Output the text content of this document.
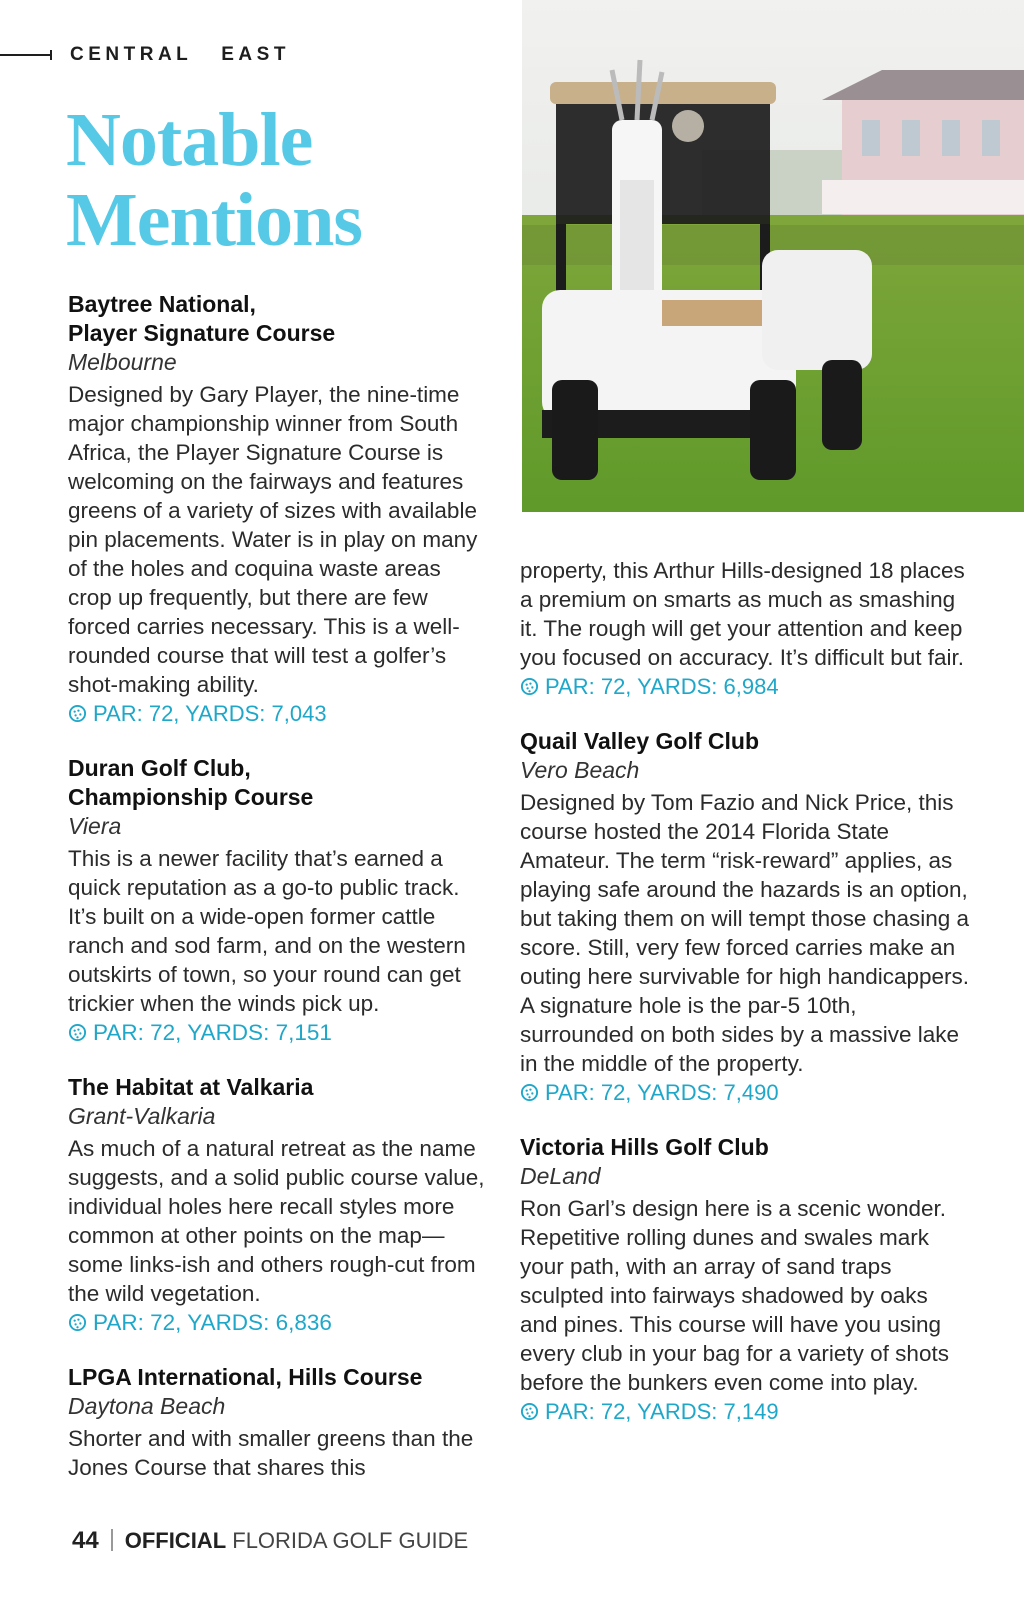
CENTRAL   EAST
Notable
Mentions
Baytree National,
Player Signature Course
Melbourne

Designed by Gary Player, the nine-time major championship winner from South Africa, the Player Signature Course is welcoming on the fairways and features greens of a variety of sizes with available pin placements. Water is in play on many of the holes and coquina waste areas crop up frequently, but there are few forced carries necessary. This is a well-rounded course that will test a golfer’s shot-making ability.
PAR: 72, YARDS: 7,043

Duran Golf Club,
Championship Course
Viera

This is a newer facility that’s earned a quick reputation as a go-to public track. It’s built on a wide-open former cattle ranch and sod farm, and on the western outskirts of town, so your round can get trickier when the winds pick up. PAR: 72, YARDS: 7,151

The Habitat at Valkaria
Grant-Valkaria

As much of a natural retreat as the name suggests, and a solid public course value, individual holes here recall styles more common at other points on the map—some links-ish and others rough-cut from the wild vegetation. PAR: 72, YARDS: 6,836

LPGA International, Hills Course
Daytona Beach

Shorter and with smaller greens than the Jones Course that shares this

property, this Arthur Hills-designed 18 places a premium on smarts as much as smashing it. The rough will get your attention and keep you focused on accuracy. It’s difficult but fair.
PAR: 72, YARDS: 6,984

Quail Valley Golf Club
Vero Beach

Designed by Tom Fazio and Nick Price, this course hosted the 2014 Florida State Amateur. The term “risk-reward” applies, as playing safe around the hazards is an option, but taking them on will tempt those chasing a score. Still, very few forced carries make an outing here survivable for high handicappers. A signature hole is the par-5 10th, surrounded on both sides by a massive lake in the middle of the property.
PAR: 72, YARDS: 7,490

Victoria Hills Golf Club
DeLand

Ron Garl’s design here is a scenic wonder. Repetitive rolling dunes and swales mark your path, with an array of sand traps sculpted into fairways shadowed by oaks and pines. This course will have you using every club in your bag for a variety of shots before the bunkers even come into play.
PAR: 72, YARDS: 7,149

44 OFFICIAL FLORIDA GOLF GUIDE
